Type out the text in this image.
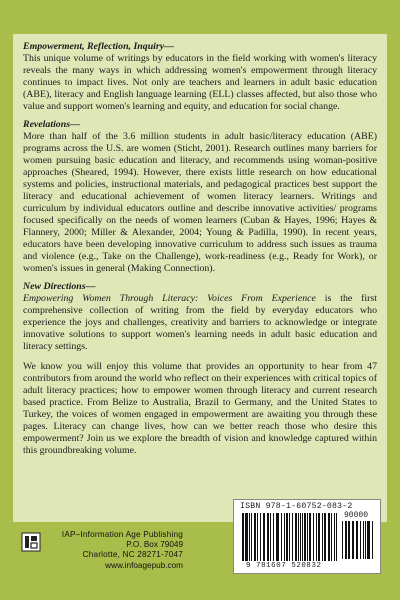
Empowerment, Reflection, Inquiry—

This unique volume of writings by educators in the field working with women's literacy reveals the many ways in which addressing women's empowerment through literacy continues to impact lives. Not only are teachers and learners in adult basic education (ABE), literacy and English language learning (ELL) classes affected, but also those who value and support women's learning and equity, and education for social change.

Revelations—

More than half of the 3.6 million students in adult basic/literacy education (ABE) programs across the U.S. are women (Sticht, 2001). Research outlines many barriers for women pursuing basic education and literacy, and recommends using woman-positive approaches (Sheared, 1994). However, there exists little research on how educational systems and policies, instructional materials, and pedagogical practices best support the literacy and educational achievement of women literacy learners. Writings and curriculum by individual educators outline and describe innovative activities/ programs focused specifically on the needs of women learners (Cuban & Hayes, 1996; Hayes & Flannery, 2000; Miller & Alexander, 2004; Young & Padilla, 1990). In recent years, educators have been developing innovative curriculum to address such issues as trauma and violence (e.g., Take on the Challenge), work-readiness (e.g., Ready for Work), or women's issues in general (Making Connection).

New Directions—

Empowering Women Through Literacy: Voices From Experience is the first comprehensive collection of writing from the field by everyday educators who experience the joys and challenges, creativity and barriers to acknowledge or integrate innovative solutions to support women's learning needs in adult basic education and literacy settings.

We know you will enjoy this volume that provides an opportunity to hear from 47 contributors from around the world who reflect on their experiences with critical topics of adult literacy practices; how to empower women through literacy and current research based practice. From Belize to Australia, Brazil to Germany, and the United States to Turkey, the voices of women engaged in empowerment are awaiting you through these pages. Literacy can change lives, how can we better reach those who desire this empowerment? Join us we explore the breadth of vision and knowledge captured within this groundbreaking volume.

IAP–Information Age Publishing
P.O. Box 79049
Charlotte, NC 28271-7047
www.infoagepub.com
ISBN 978-1-60752-083-2
90000
9 781607 520832
